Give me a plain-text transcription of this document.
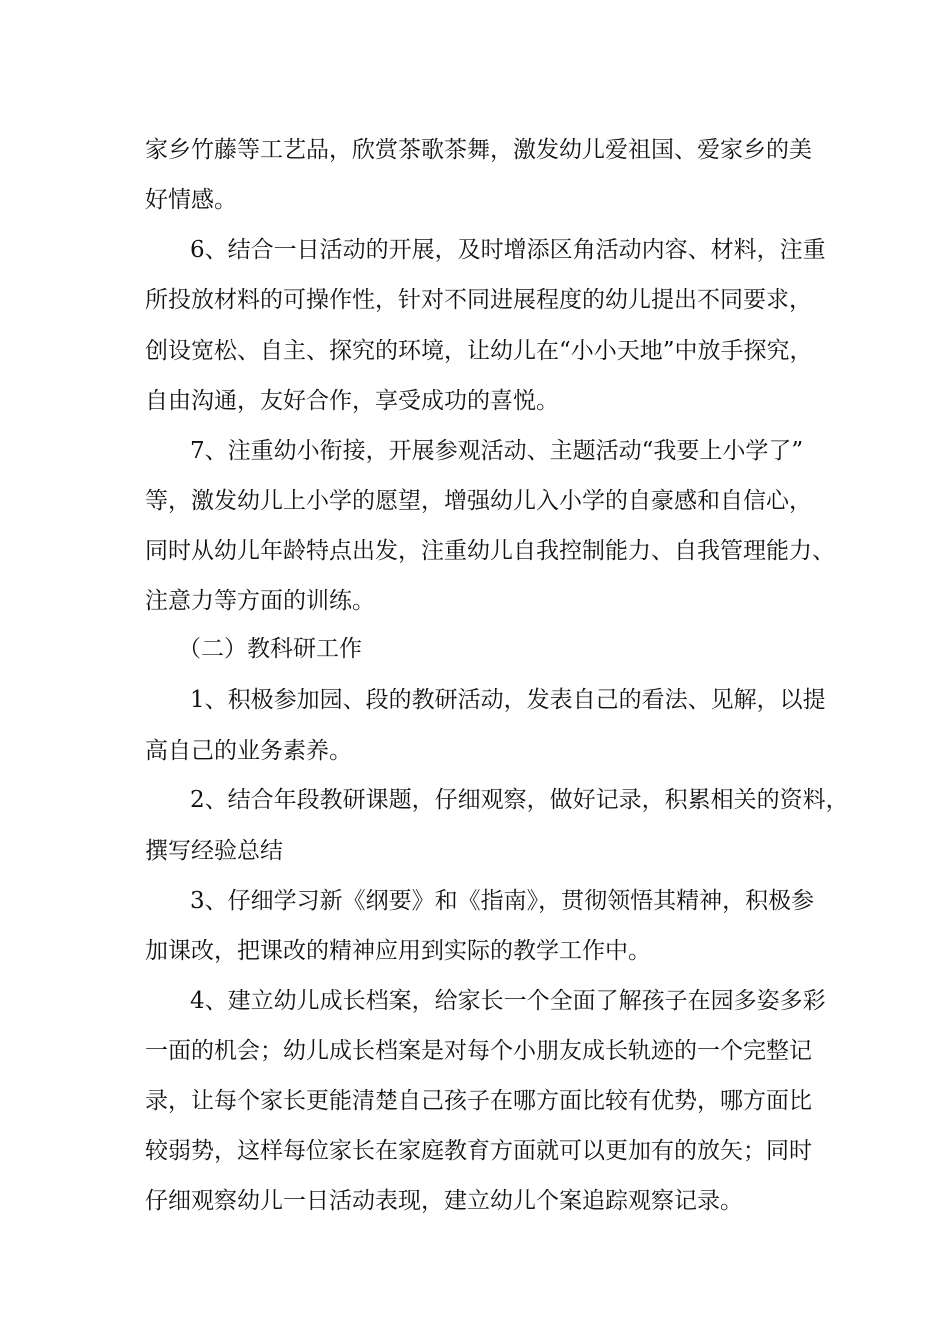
家乡竹藤等工艺品，欣赏茶歌茶舞，激发幼儿爱祖国、爱家乡的美
好情感。
6、结合一日活动的开展，及时增添区角活动内容、材料，注重
所投放材料的可操作性，针对不同进展程度的幼儿提出不同要求，
创设宽松、自主、探究的环境，让幼儿在“小小天地”中放手探究，
自由沟通，友好合作，享受成功的喜悦。
7、注重幼小衔接，开展参观活动、主题活动“我要上小学了”
等，激发幼儿上小学的愿望，增强幼儿入小学的自豪感和自信心，
同时从幼儿年龄特点出发，注重幼儿自我控制能力、自我管理能力、
注意力等方面的训练。
（二）教科研工作
1、积极参加园、段的教研活动，发表自己的看法、见解，以提
高自己的业务素养。
2、结合年段教研课题，仔细观察，做好记录，积累相关的资料，
撰写经验总结
3、仔细学习新《纲要》和《指南》，贯彻领悟其精神，积极参
加课改，把课改的精神应用到实际的教学工作中。
4、建立幼儿成长档案，给家长一个全面了解孩子在园多姿多彩
一面的机会；幼儿成长档案是对每个小朋友成长轨迹的一个完整记
录，让每个家长更能清楚自己孩子在哪方面比较有优势，哪方面比
较弱势，这样每位家长在家庭教育方面就可以更加有的放矢；同时
仔细观察幼儿一日活动表现，建立幼儿个案追踪观察记录。
